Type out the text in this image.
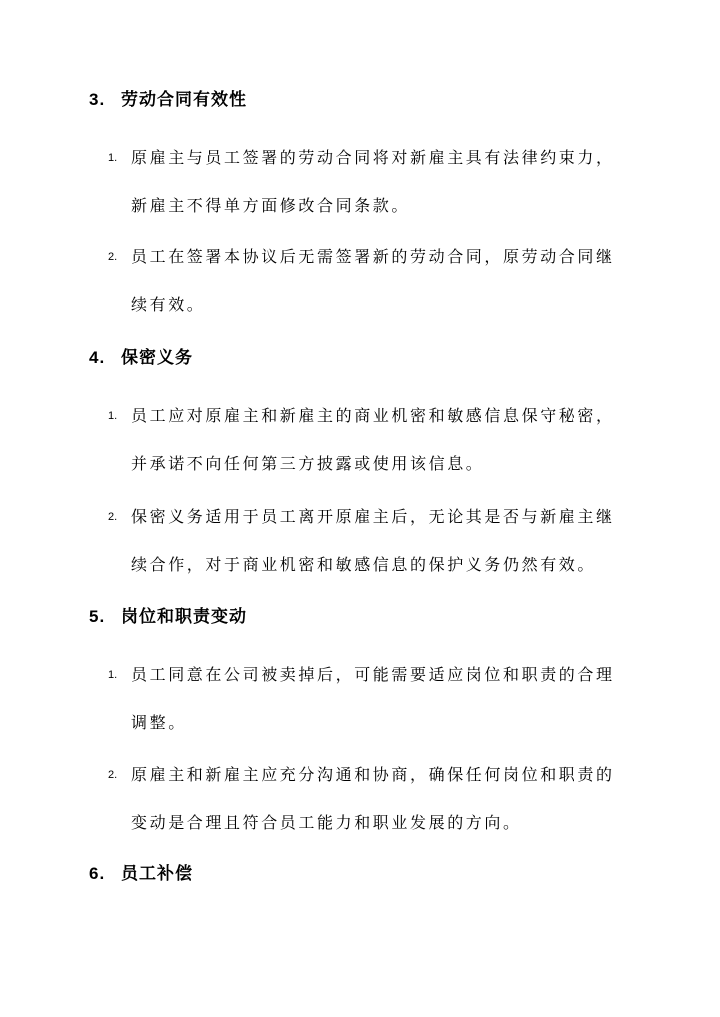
3. 劳动合同有效性
1. 原雇主与员工签署的劳动合同将对新雇主具有法律约束力，新雇主不得单方面修改合同条款。

2. 员工在签署本协议后无需签署新的劳动合同，原劳动合同继续有效。

4. 保密义务
1. 员工应对原雇主和新雇主的商业机密和敏感信息保守秘密，并承诺不向任何第三方披露或使用该信息。

2. 保密义务适用于员工离开原雇主后，无论其是否与新雇主继续合作，对于商业机密和敏感信息的保护义务仍然有效。

5. 岗位和职责变动
1. 员工同意在公司被卖掉后，可能需要适应岗位和职责的合理调整。

2. 原雇主和新雇主应充分沟通和协商，确保任何岗位和职责的变动是合理且符合员工能力和职业发展的方向。

6. 员工补偿
